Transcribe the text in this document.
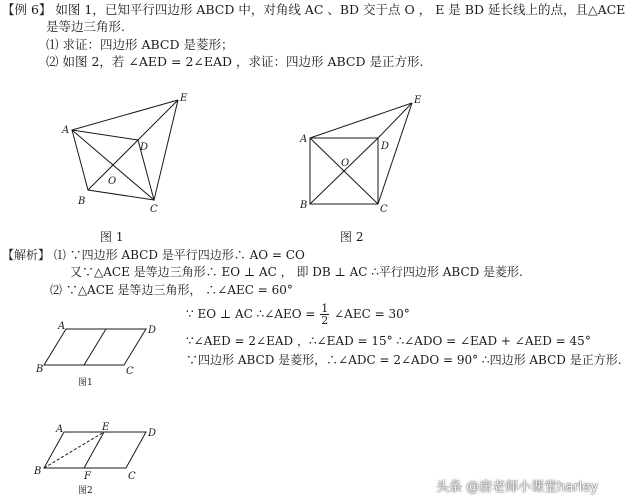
【例 6】 如图 1，已知平行四边形 ABCD 中，对角线 AC 、BD 交于点 O ， E 是 BD 延长线上的点，且△ACE
是等边三角形.
⑴ 求证：四边形 ABCD 是菱形；
⑵ 如图 2，若 ∠AED = 2∠EAD ，求证：四边形 ABCD 是正方形.
A
B
C
D
E
O
图 1
A
B	C
D
E
O
图 2
【解析】 ⑴ ∵四边形 ABCD 是平行四边形∴ AO = CO
又∵△ACE 是等边三角形∴ EO ⊥ AC ， 即 DB ⊥ AC ∴平行四边形 ABCD 是菱形.
⑵ ∵△ACE 是等边三角形， ∴∠AEC = 60°
∵ EO ⊥ AC ∴∠AEO = $\frac{1}{2}$ ∠AEC = 30°
∵∠AED = 2∠EAD ，∴∠EAD = 15° ∴∠ADO = ∠EAD + ∠AED = 45°
∵四边形 ABCD 是菱形，∴∠ADC = 2∠ADO = 90° ∴四边形 ABCD 是正方形.
A	D
B	C
图1
A	E
D
B	F	C
图2	头条 @唐老师小课堂harley
